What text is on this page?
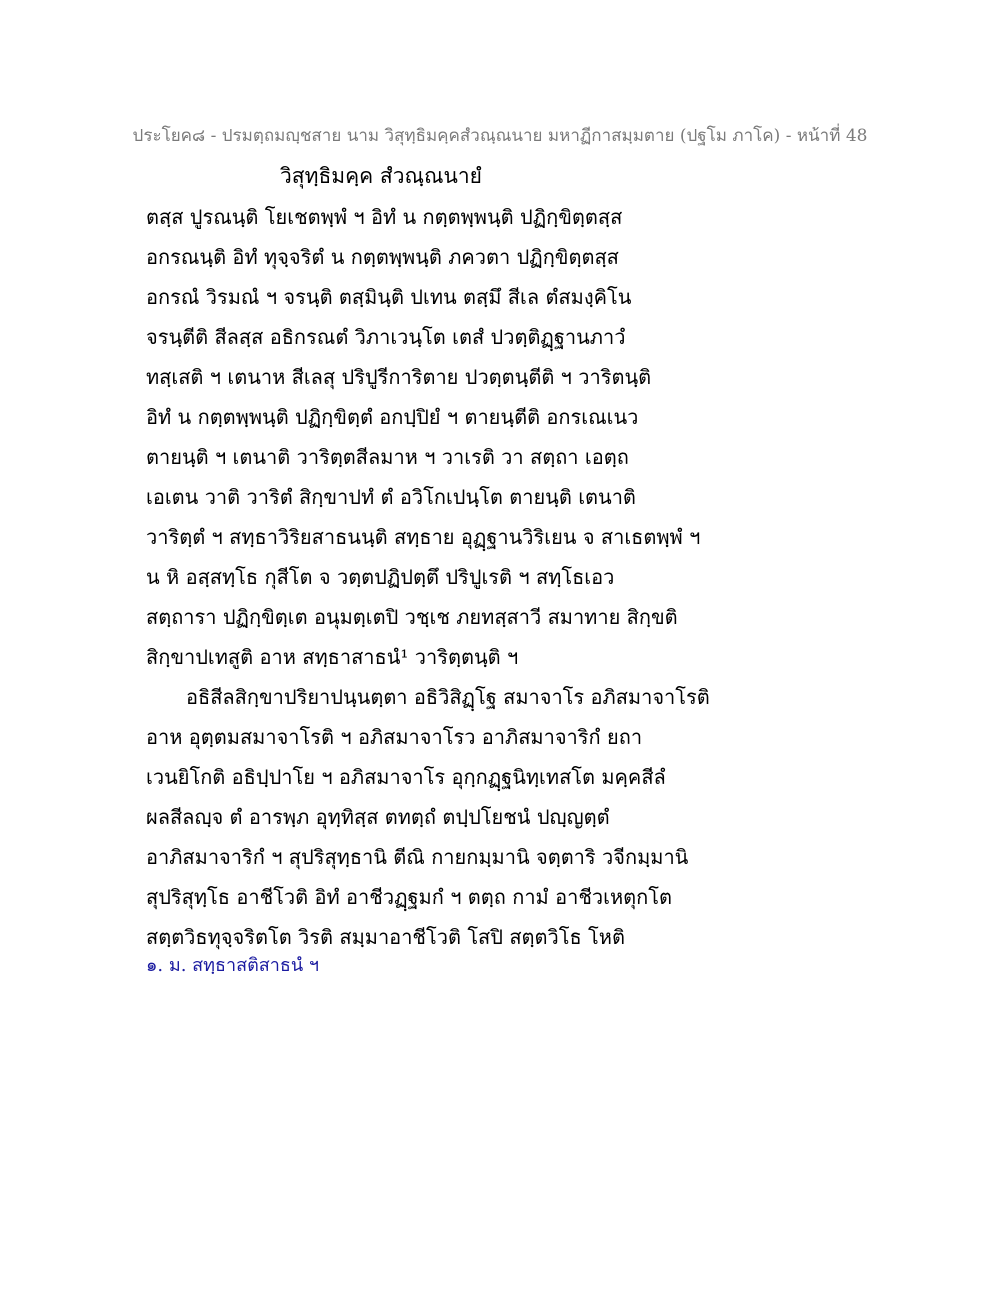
ประโยค๘ - ปรมตฺถมญฺชสาย นาม วิสุทฺธิมคฺคสํวณฺณนาย มหาฏีกาสมฺมตาย (ปฐโม ภาโค) - หน้าที่ 48
วิสุทฺธิมคฺค สํวณฺณนายํ
ตสฺส ปูรณนฺติ โยเชตพฺพํ ฯ อิทํ น กตฺตพฺพนฺติ ปฏิกฺขิตฺตสฺส
อกรณนฺติ อิทํ ทุจฺจริตํ น กตฺตพฺพนฺติ ภควตา ปฏิกฺขิตฺตสฺส
อกรณํ วิรมณํ ฯ จรนฺติ ตสฺมินฺติ ปเทน ตสฺมึ สีเล ตํสมงฺคิโน
จรนฺตีติ สีลสฺส อธิกรณตํ วิภาเวนฺโต เตสํ ปวตฺติฏฺฐานภาวํ
ทสฺเสติ ฯ เตนาห สีเลสุ ปริปูรีการิตาย ปวตฺตนฺตีติ ฯ วาริตนฺติ
อิทํ น กตฺตพฺพนฺติ ปฏิกฺขิตฺตํ อกปฺปิยํ ฯ ตายนฺตีติ อกรเณเนว
ตายนฺติ ฯ เตนาติ วาริตฺตสีลมาห ฯ วาเรติ วา สตฺถา เอตฺถ
เอเตน วาติ วาริตํ สิกฺขาปทํ ตํ อวิโกเปนฺโต ตายนฺติ เตนาติ
วาริตฺตํ ฯ สทฺธาวิริยสาธนนฺติ สทฺธาย อุฏฺฐานวิริเยน จ สาเธตพฺพํ ฯ
น หิ อสฺสทฺโธ กุสีโต จ วตฺตปฏิปตฺตึ ปริปูเรติ ฯ สทฺโธเอว
สตฺถารา ปฏิกฺขิตฺเต อนุมตฺเตปิ วชฺเช ภยทสฺสาวี สมาทาย สิกฺขติ
สิกฺขาปเทสูติ อาห สทฺธาสาธนํ¹ วาริตฺตนฺติ ฯ
อธิสีลสิกฺขาปริยาปนฺนตฺตา อธิวิสิฏฺโฐ สมาจาโร อภิสมาจาโรติ
อาห อุตฺตมสมาจาโรติ ฯ อภิสมาจาโรว อาภิสมาจาริกํ ยถา
เวนยิโกติ อธิปฺปาโย ฯ อภิสมาจาโร อุกฺกฏฺฐนิทฺเทสโต มคฺคสีลํ
ผลสีลญฺจ ตํ อารพฺภ อุทฺทิสฺส ตทตฺถํ ตปฺปโยชนํ ปญฺญตฺตํ
อาภิสมาจาริกํ ฯ สุปริสุทฺธานิ ตีณิ กายกมฺมานิ จตฺตาริ วจีกมฺมานิ
สุปริสุทฺโธ อาชีโวติ อิทํ อาชีวฏฺฐมกํ ฯ ตตฺถ กามํ อาชีวเหตุกโต
สตฺตวิธทุจฺจริตโต วิรติ สมฺมาอาชีโวติ โสปิ สตฺตวิโธ โหติ
๑. ม. สทฺธาสติสาธนํ ฯ
